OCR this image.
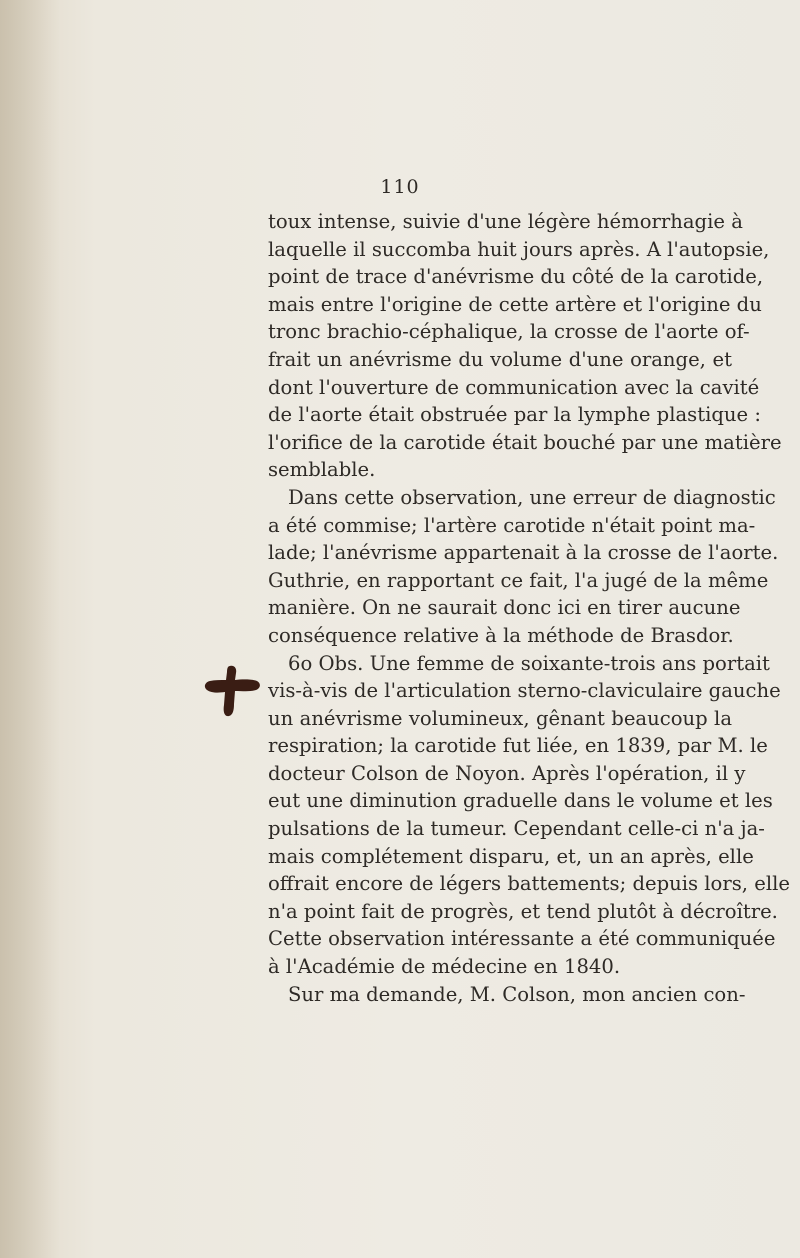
110
toux intense, suivie d'une légère hémorrhagie à
laquelle il succomba huit jours après. A l'autopsie,
point de trace d'anévrisme du côté de la carotide,
mais entre l'origine de cette artère et l'origine du
tronc brachio-céphalique, la crosse de l'aorte of-
frait un anévrisme du volume d'une orange, et
dont l'ouverture de communication avec la cavité
de l'aorte était obstruée par la lymphe plastique :
l'orifice de la carotide était bouché par une matière
semblable.
Dans cette observation, une erreur de diagnostic
a été commise; l'artère carotide n'était point ma-
lade; l'anévrisme appartenait à la crosse de l'aorte.
Guthrie, en rapportant ce fait, l'a jugé de la même
manière. On ne saurait donc ici en tirer aucune
conséquence relative à la méthode de Brasdor.
6o Obs. Une femme de soixante-trois ans portait
vis-à-vis de l'articulation sterno-claviculaire gauche
un anévrisme volumineux, gênant beaucoup la
respiration; la carotide fut liée, en 1839, par M. le
docteur Colson de Noyon. Après l'opération, il y
eut une diminution graduelle dans le volume et les
pulsations de la tumeur. Cependant celle-ci n'a ja-
mais complétement disparu, et, un an après, elle
offrait encore de légers battements; depuis lors, elle
n'a point fait de progrès, et tend plutôt à décroître.
Cette observation intéressante a été communiquée
à l'Académie de médecine en 1840.
Sur ma demande, M. Colson, mon ancien con-
